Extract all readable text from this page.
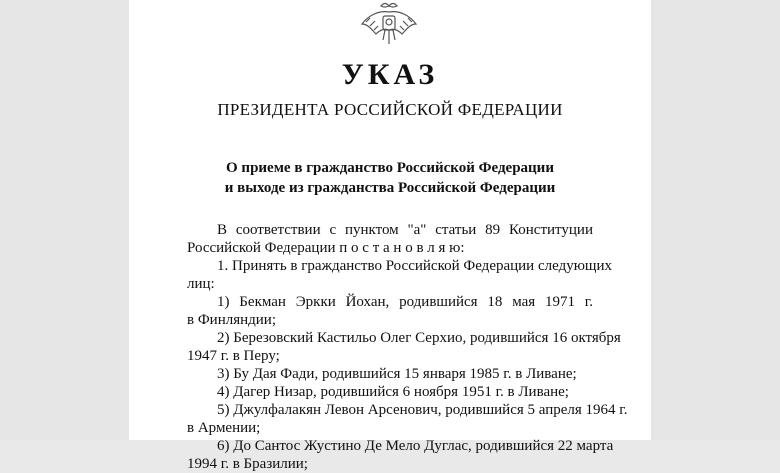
УКАЗ
ПРЕЗИДЕНТА РОССИЙСКОЙ ФЕДЕРАЦИИ
О приеме в гражданство Российской Федерации
и выходе из гражданства Российской Федерации
В соответствии с пунктом "а" статьи 89 Конституции
Российской Федерации п о с т а н о в л я ю:
1. Принять в гражданство Российской Федерации следующих
лиц:
1) Бекман Эркки Йохан, родившийся 18 мая 1971 г.
в Финляндии;
2) Березовский Кастильо Олег Серхио, родившийся 16 октября
1947 г. в Перу;
3) Бу Дая Фади, родившийся 15 января 1985 г. в Ливане;
4) Дагер Низар, родившийся 6 ноября 1951 г. в Ливане;
5) Джулфалакян Левон Арсенович, родившийся 5 апреля 1964 г.
в Армении;
6) До Сантос Жустино Де Мело Дуглас, родившийся 22 марта
1994 г. в Бразилии;
